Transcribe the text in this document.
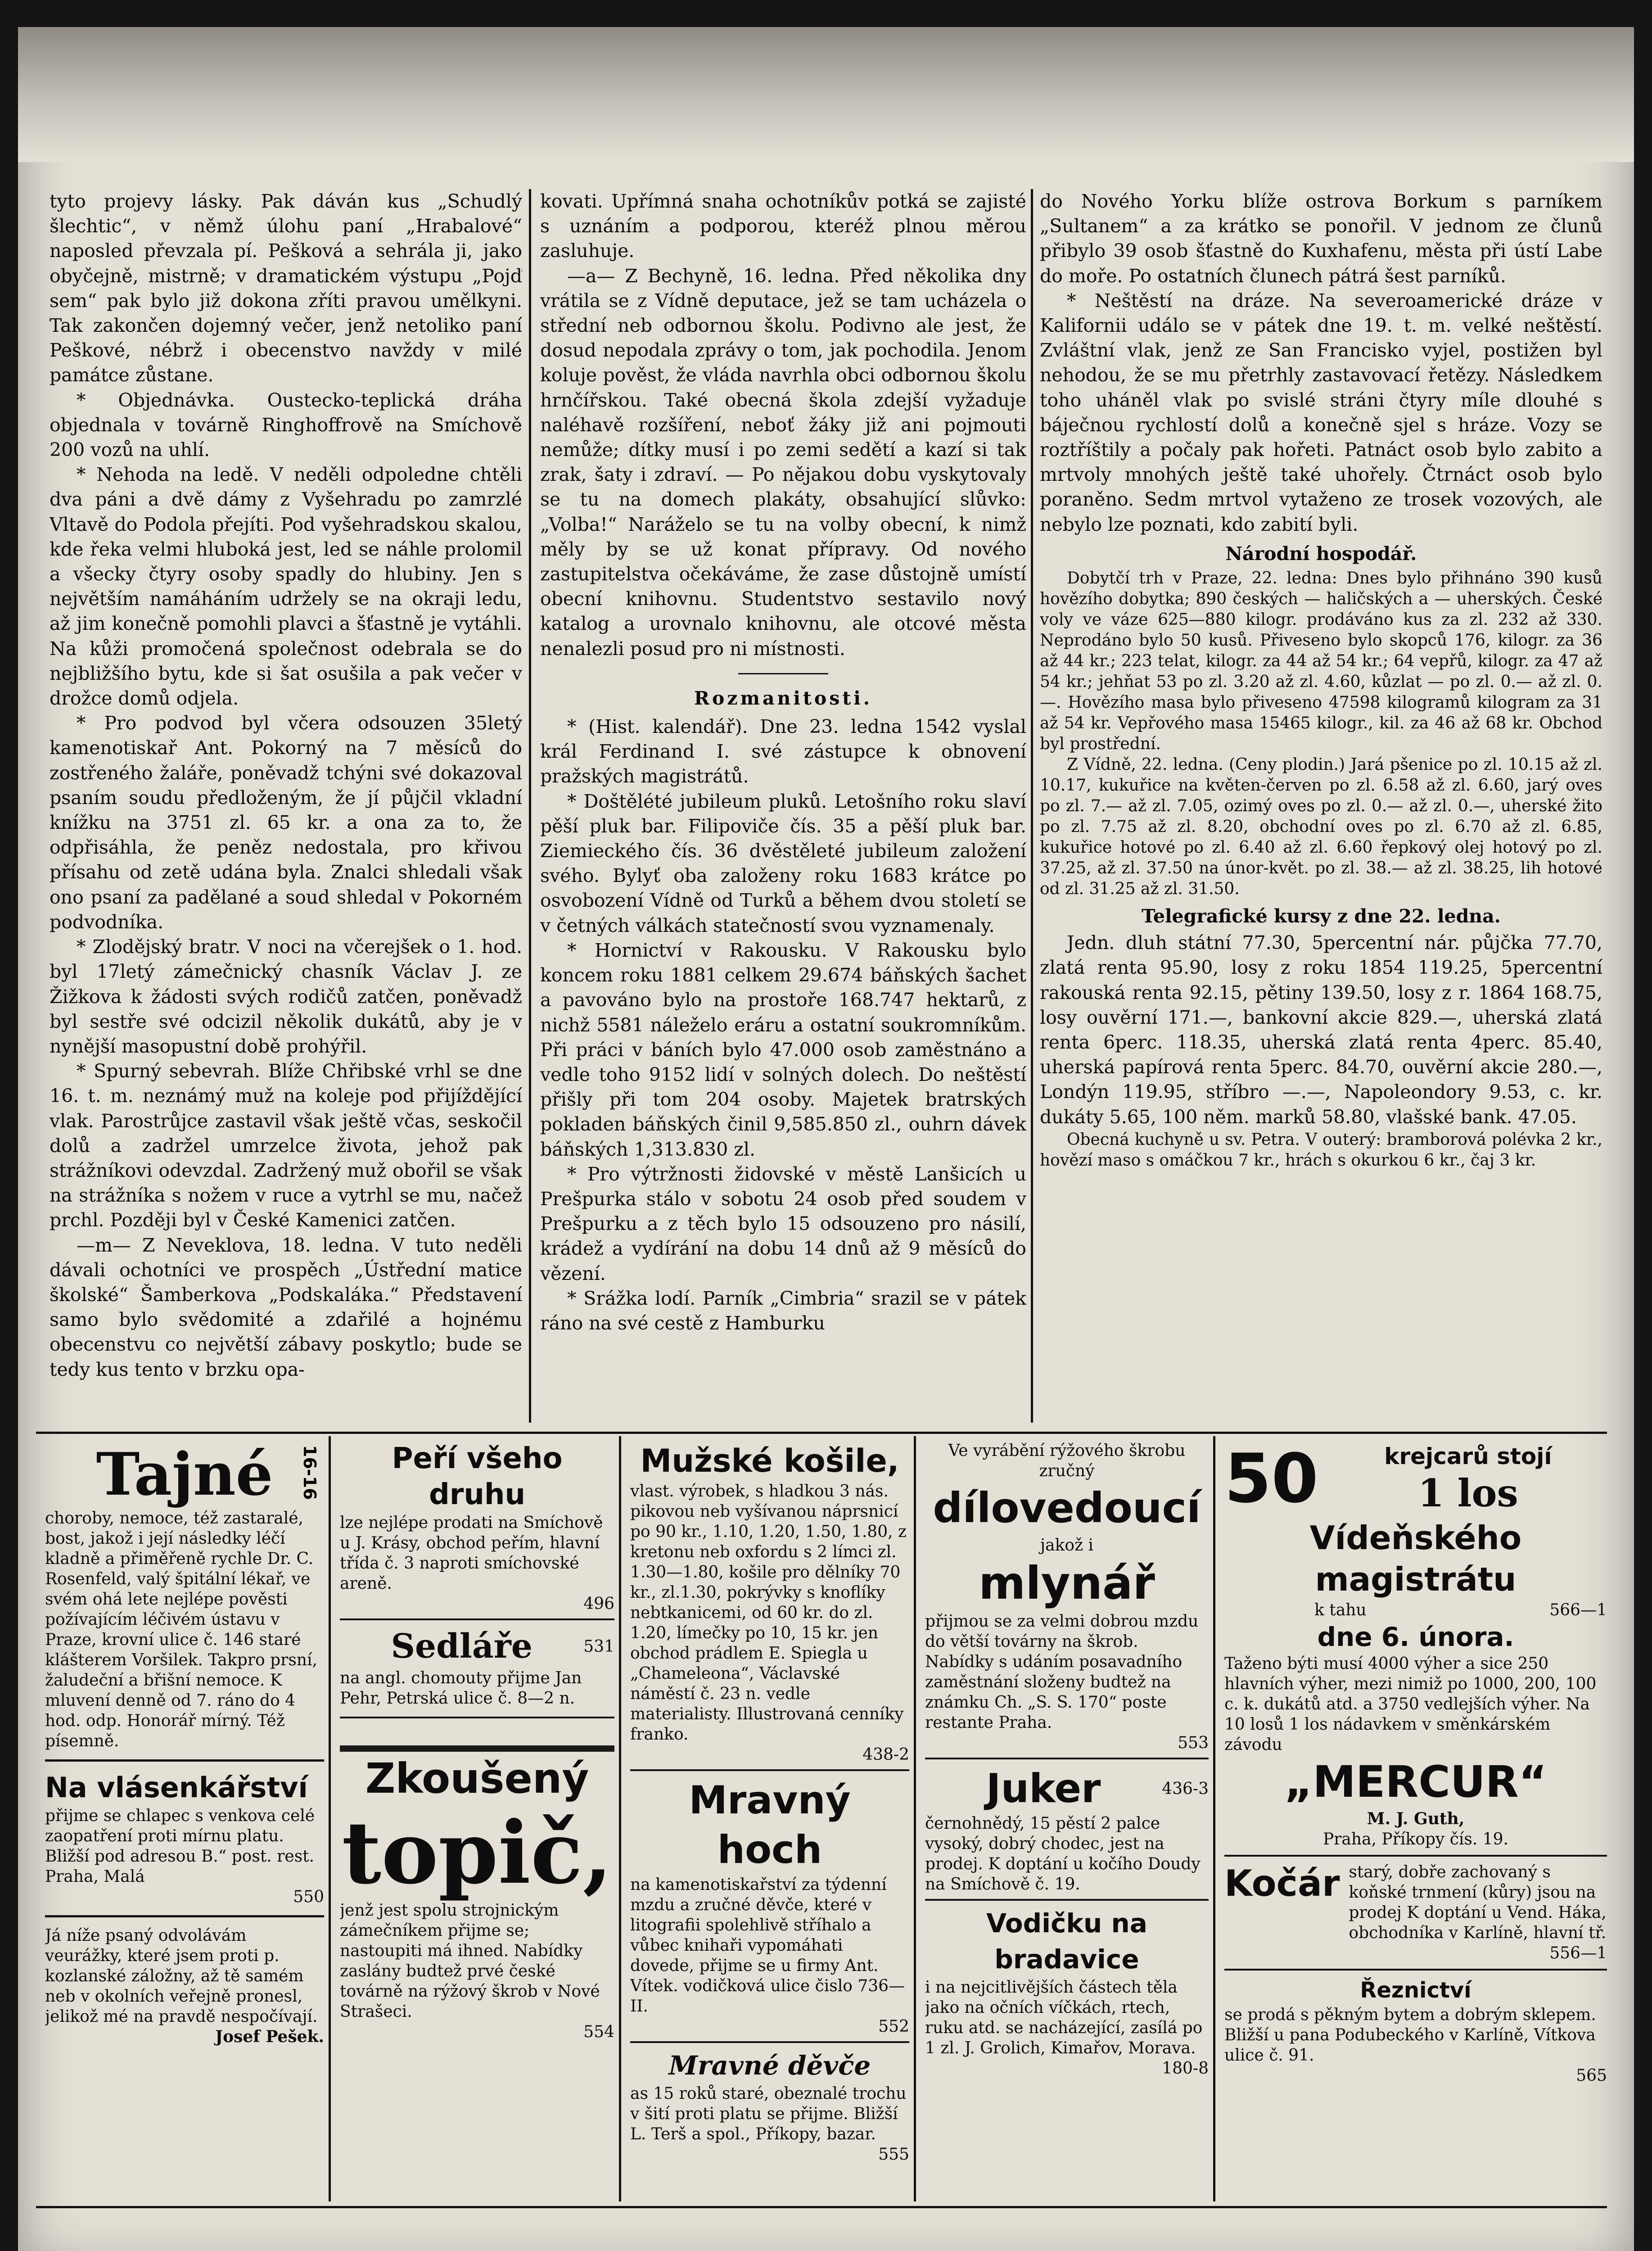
tyto projevy lásky. Pak dáván kus „Schudlý šlechtic“, v němž úlohu paní „Hrabalové“ naposled převzala pí. Pešková a sehrála ji, jako obyčejně, mistrně; v dramatickém výstupu „Pojď sem“ pak bylo již dokona zříti pravou umělkyni. Tak zakončen dojemný večer, jenž netoliko paní Peškové, nébrž i obecenstvo navždy v milé památce zůstane.

* Objednávka. Ousteckо-teplická dráha objednala v továrně Ringhoffrově na Smíchově 200 vozů na uhlí.

* Nehoda na ledě. V neděli odpoledne chtěli dva páni a dvě dámy z Vyšehradu po zamrzlé Vltavě do Podola přejíti. Pod vyšehradskou skalou, kde řeka velmi hluboká jest, led se náhle prolomil a všecky čtyry osoby spadly do hlubiny. Jen s největším namáháním udržely se na okraji ledu, až jim konečně pomohli plavci a šťastně je vytáhli. Na kůži promočená společnost odebrala se do nejbližšího bytu, kde si šat osušila a pak večer v drožce domů odjela.

* Pro podvod byl včera odsouzen 35letý kamenotiskař Ant. Pokorný na 7 měsíců do zostřeného žaláře, poněvadž tchýni své dokazoval psaním soudu předloženým, že jí půjčil vkladní knížku na 3751 zl. 65 kr. a ona za to, že odpřisáhla, že peněz nedostala, pro křivou přísahu od zetě udána byla. Znalci shledali však ono psaní za padělané a soud shledal v Pokorném podvodníka.

* Zlodějský bratr. V noci na včerejšek o 1. hod. byl 17letý zámečnický chasník Václav J. ze Žižkova k žádosti svých rodičů zatčen, poněvadž byl sestře své odcizil několik dukátů, aby je v nynější masopustní době prohýřil.

* Spurný sebevrah. Blíže Chřibské vrhl se dne 16. t. m. neznámý muž na koleje pod přijíždějící vlak. Parostrůjce zastavil však ještě včas, seskočil dolů a zadržel umrzelce života, jehož pak strážníkovi odevzdal. Zadržený muž obořil se však na strážníka s nožem v ruce a vytrhl se mu, načež prchl. Později byl v České Kamenici zatčen.

—m— Z Neveklova, 18. ledna. V tuto neděli dávali ochotníci ve prospěch „Ústřední matice školské“ Šamberkova „Podskaláka.“ Představení samo bylo svědomité a zdařilé a hojnému obecenstvu co největší zábavy poskytlo; bude se tedy kus tento v brzku opa-

kovati. Upřímná snaha ochotníkův potká se zajisté s uznáním a podporou, kteréž plnou měrou zasluhuje.

—a— Z Bechyně, 16. ledna. Před několika dny vrátila se z Vídně deputace, jež se tam ucházela o střední neb odbornou školu. Podivno ale jest, že dosud nepodala zprávy o tom, jak pochodila. Jenom koluje pověst, že vláda navrhla obci odbornou školu hrnčířskou. Také obecná škola zdejší vyžaduje naléhavě rozšíření, neboť žáky již ani pojmouti nemůže; dítky musí i po zemi sedětí a kazí si tak zrak, šaty i zdraví. — Po nějakou dobu vyskytovaly se tu na domech plakáty, obsahující slůvko: „Volba!“ Naráželo se tu na volby obecní, k nimž měly by se už konat přípravy. Od nového zastupitelstva očekáváme, že zase důstojně umístí obecní knihovnu. Studentstvo sestavilo nový katalog a urovnalo knihovnu, ale otcové města nenalezli posud pro ni místnosti.

Rozmanitosti.

* (Hist. kalendář). Dne 23. ledna 1542 vyslal král Ferdinand I. své zástupce k obnovení pražských magistrátů.

* Doštělété jubileum pluků. Letošního roku slaví pěší pluk bar. Filipoviče čís. 35 a pěší pluk bar. Ziemieckého čís. 36 dvěstěleté jubileum založení svého. Bylyť oba založeny roku 1683 krátce po osvobození Vídně od Turků a během dvou století se v četných válkách statečností svou vyznamenaly.

* Hornictví v Rakousku. V Rakousku bylo koncem roku 1881 celkem 29.674 báňských šachet a pavováno bylo na prostoře 168.747 hektarů, z nichž 5581 náleželo eráru a ostatní soukromníkům. Při práci v báních bylo 47.000 osob zaměstnáno a vedle toho 9152 lidí v solných dolech. Do neštěstí přišly při tom 204 osoby. Majetek bratrských pokladen báňských činil 9,585.850 zl., ouhrn dávek báňských 1,313.830 zl.

* Pro výtržnosti židovské v městě Lanšicích u Prešpurka stálo v sobotu 24 osob před soudem v Prešpurku a z těch bylo 15 odsouzeno pro násilí, krádež a vydírání na dobu 14 dnů až 9 měsíců do vězení.

* Srážka lodí. Parník „Cimbria“ srazil se v pátek ráno na své cestě z Hamburku

do Nového Yorku blíže ostrova Borkum s parníkem „Sultanem“ a za krátko se ponořil. V jednom ze člunů přibylo 39 osob šťastně do Kuxhafenu, města při ústí Labe do moře. Po ostatních člunech pátrá šest parníků.

* Neštěstí na dráze. Na severoamerické dráze v Kalifornii událo se v pátek dne 19. t. m. velké neštěstí. Zvláštní vlak, jenž ze San Francisko vyjel, postižen byl nehodou, že se mu přetrhly zastavovací řetězy. Následkem toho uháněl vlak po svislé stráni čtyry míle dlouhé s báječnou rychlostí dolů a konečně sjel s hráze. Vozy se roztříštily a počaly pak hořeti. Patnáct osob bylo zabito a mrtvoly mnohých ještě také uhořely. Čtrnáct osob bylo poraněno. Sedm mrtvol vytaženo ze trosek vozových, ale nebylo lze poznati, kdo zabití byli.

Národní hospodář.

Dobytčí trh v Praze, 22. ledna: Dnes bylo přihnáno 390 kusů hovězího dobytka; 890 českých — haličských a — uherských. České voly ve váze 625—880 kilogr. prodáváno kus za zl. 232 až 330. Neprodáno bylo 50 kusů. Přiveseno bylo skopců 176, kilogr. za 36 až 44 kr.; 223 telat, kilogr. za 44 až 54 kr.; 64 vepřů, kilogr. za 47 až 54 kr.; jehňat 53 po zl. 3.20 až zl. 4.60, kůzlat — po zl. 0.— až zl. 0.—. Hovězího masa bylo přiveseno 47598 kilogramů kilogram za 31 až 54 kr. Vepřového masa 15465 kilogr., kil. za 46 až 68 kr. Obchod byl prostřední.

Z Vídně, 22. ledna. (Ceny plodin.) Jará pšenice po zl. 10.15 až zl. 10.17, kukuřice na květen-červen po zl. 6.58 až zl. 6.60, jarý oves po zl. 7.— až zl. 7.05, ozimý oves po zl. 0.— až zl. 0.—, uherské žito po zl. 7.75 až zl. 8.20, obchodní oves po zl. 6.70 až zl. 6.85, kukuřice hotové po zl. 6.40 až zl. 6.60 řepkový olej hotový po zl. 37.25, až zl. 37.50 na únor-květ. po zl. 38.— až zl. 38.25, lih hotové od zl. 31.25 až zl. 31.50.

Telegrafické kursy z dne 22. ledna.

Jedn. dluh státní 77.30, 5percentní nár. půjčka 77.70, zlatá renta 95.90, losy z roku 1854 119.25, 5percentní rakouská renta 92.15, pětiny 139.50, losy z r. 1864 168.75, losy ouvěrní 171.—, bankovní akcie 829.—, uherská zlatá renta 6perc. 118.35, uherská zlatá renta 4perc. 85.40, uherská papírová renta 5perc. 84.70, ouvěrní akcie 280.—, Londýn 119.95, stříbro —.—, Napoleondory 9.53, c. kr. dukáty 5.65, 100 něm. marků 58.80, vlašské bank. 47.05.

Obecná kuchyně u sv. Petra. V outerý: bramborová polévka 2 kr., hovězí maso s omáčkou 7 kr., hrách s okurkou 6 kr., čaj 3 kr.

Tajné

choroby, nemoce, též zastaralé, bost, jakož i její následky léčí kladně a přiměřeně rychle Dr. C. Rosenfeld, valý špitální lékař, ve svém ohá lete nejlépe pověsti požívajícím léčivém ústavu v Praze, krovní ulice č. 146 staré klášterem Voršilek. Takpro prsní, žaludeční a břišní nemoce. K mluvení denně od 7. ráno do 4 hod. odp. Honorář mírný. Též písemně.

Na vlásenkářství

přijme se chlapec s venkova celé zaopatření proti mírnu platu. Bližší pod adresou B.“ post. rest. Praha, Malá

550

Já níže psaný odvolávám veurážky, které jsem proti p. kozlanské záložny, až tě samém neb v okolních veřejně pronesl, jelikož mé na pravdě nespočívají.

Josef Pešek.

16-16	Peří všeho druhu

lze nejlépe prodati na Smíchově u J. Krásy, obchod peřím, hlavní třída č. 3 naproti smíchovské areně.

496

Sedláře	531

na angl. chomouty přijme Jan Pehr, Petrská ulice č. 8—2 n.

Zkoušený
topič,

jenž jest spolu strojnickým zámečníkem přijme se; nastoupiti má ihned. Nabídky zaslány budtež prvé české továrně na rýžový škrob v Nové Strašeci.

554

Mužské košile,

vlast. výrobek, s hladkou 3 nás. pikovou neb vyšívanou náprsnicí po 90 kr., 1.10, 1.20, 1.50, 1.80, z kretonu neb oxfordu s 2 límci zl. 1.30—1.80, košile pro dělníky 70 kr., zl.1.30, pokrývky s knoflíky nebtkanicemi, od 60 kr. do zl. 1.20, límečky po 10, 15 kr. jen obchod prádlem E. Spiegla u „Chameleona“, Václavské náměstí č. 23 n. vedle materialisty. Illustrovaná cenníky franko.

438-2

Mravný hoch

na kamenotiskařství za týdenní mzdu a zručné děvče, které v litografii spolehlivě stříhalo a vůbec knihaři vypomáhati dovede, přijme se u firmy Ant. Vítek. vodičková ulice čislo 736—II.

552

Mravné děvče

as 15 roků staré, obeznalé trochu v šití proti platu se přijme. Bližší L. Terš a spol., Příkopy, bazar.

555

Ve vyrábění rýžového škrobu zručný

dílovedoucí

jakož i

mlynář

přijmou se za velmi dobrou mzdu do větší továrny na škrob. Nabídky s udáním posavadního zaměstnání složeny budtež na známku Ch. „S. S. 170“ poste restante Praha.

553

Juker	436-3

černohnědý, 15 pěstí 2 palce vysoký, dobrý chodec, jest na prodej. K doptání u kočího Doudy na Smíchově č. 19.

Vodičku na bradavice

i na nejcitlivějších částech těla jako na očních víčkách, rtech, ruku atd. se nacházející, zasílá po 1 zl. J. Grolich, Kimařov, Morava.

180-8

50	krejcarů stojí
1 los
Vídeňského magistrátu
k tahu	566—1
dne 6. února.

Taženo býti musí 4000 výher a sice 250 hlavních výher, mezi nimiž po 1000, 200, 100 c. k. dukátů atd. a 3750 vedlejších výher. Na 10 losů 1 los nádavkem v směnkárském závodu

„MERCUR“

M. J. Guth,

Praha, Příkopy čís. 19.

Kočár starý, dobře zachovaný s koňské trnmení (kůry) jsou na prodej K doptání u Vend. Háka, obchodníka v Karlíně, hlavní tř.

556—1

Řeznictví

se prodá s pěkným bytem a dobrým sklepem. Bližší u pana Podubeckého v Karlíně, Vítkova ulice č. 91.

565
